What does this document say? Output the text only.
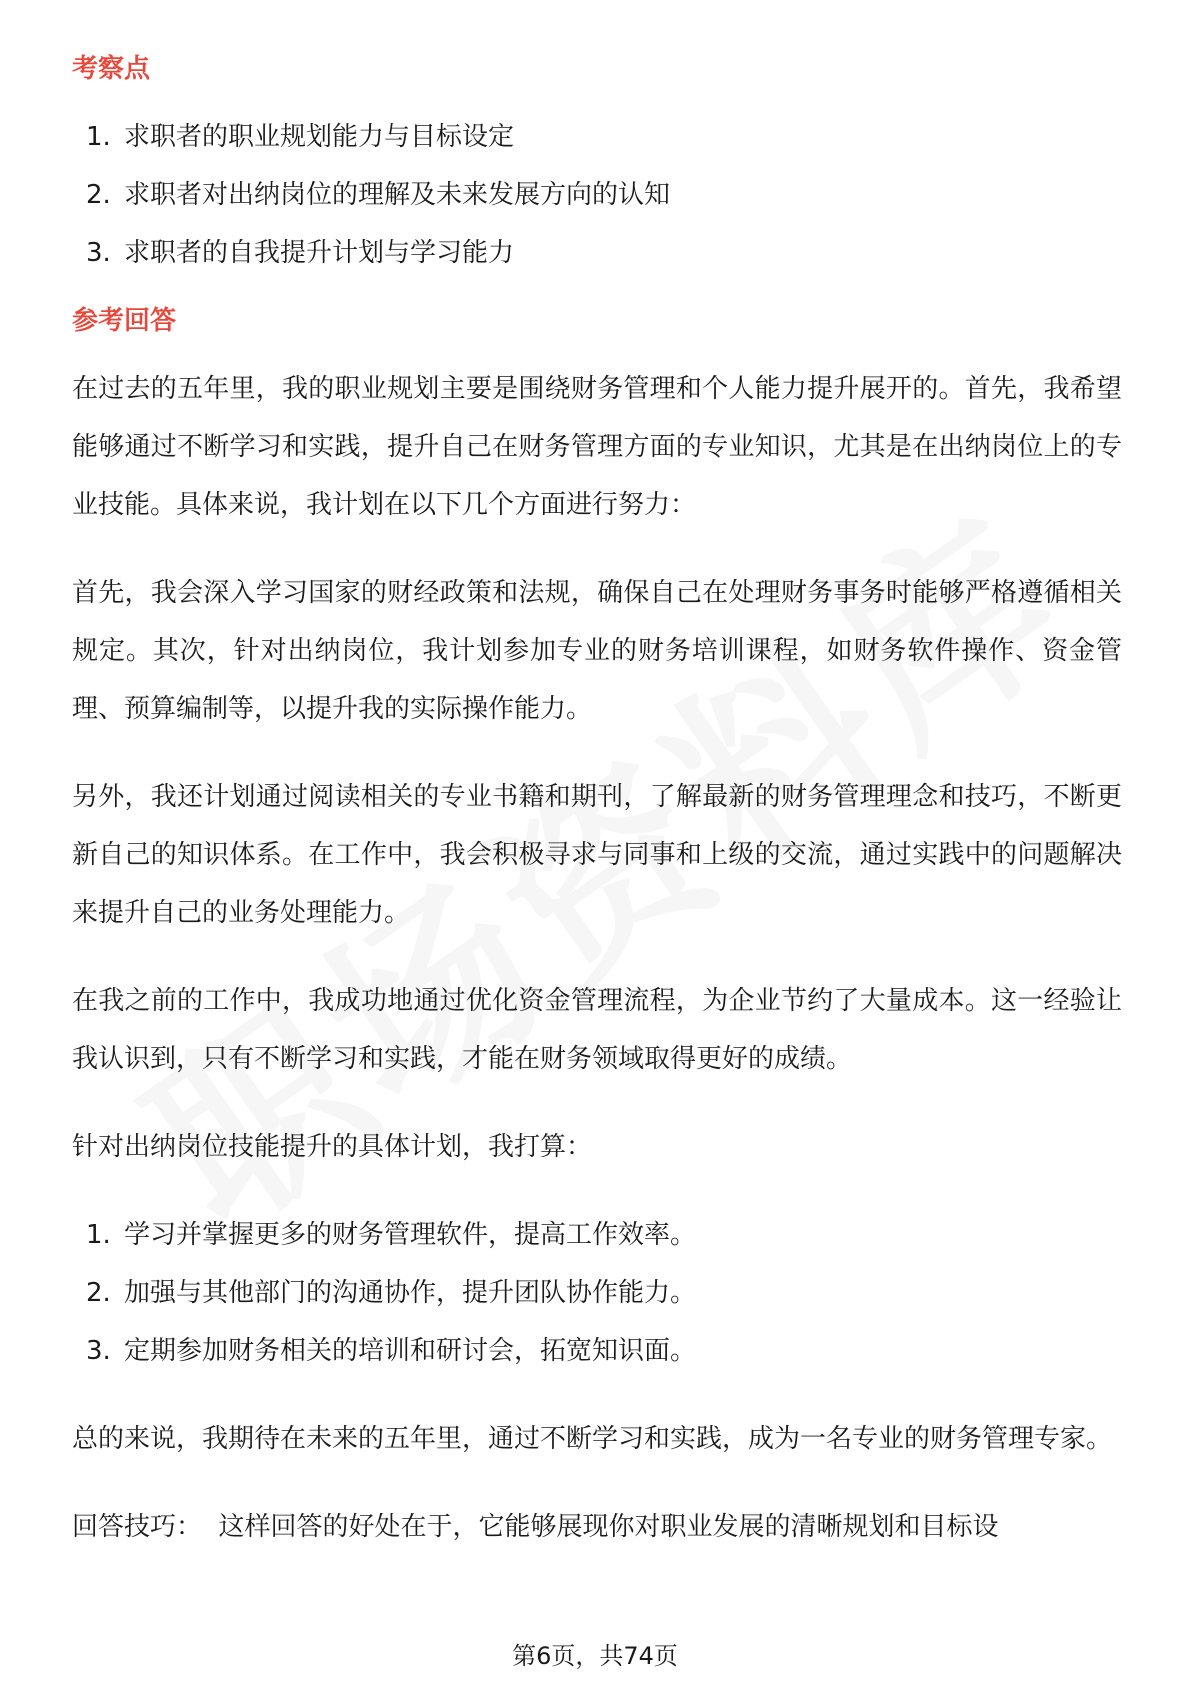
考察点
1. 求职者的职业规划能力与目标设定
2. 求职者对出纳岗位的理解及未来发展方向的认知
3. 求职者的自我提升计划与学习能力
参考回答

在过去的五年里，我的职业规划主要是围绕财务管理和个人能力提升展开的。首先，我希望能够通过不断学习和实践，提升自己在财务管理方面的专业知识，尤其是在出纳岗位上的专业技能。具体来说，我计划在以下几个方面进行努力：

首先，我会深入学习国家的财经政策和法规，确保自己在处理财务事务时能够严格遵循相关规定。其次，针对出纳岗位，我计划参加专业的财务培训课程，如财务软件操作、资金管理、预算编制等，以提升我的实际操作能力。

另外，我还计划通过阅读相关的专业书籍和期刊，了解最新的财务管理理念和技巧，不断更新自己的知识体系。在工作中，我会积极寻求与同事和上级的交流，通过实践中的问题解决来提升自己的业务处理能力。

在我之前的工作中，我成功地通过优化资金管理流程，为企业节约了大量成本。这一经验让我认识到，只有不断学习和实践，才能在财务领域取得更好的成绩。

针对出纳岗位技能提升的具体计划，我打算：

1. 学习并掌握更多的财务管理软件，提高工作效率。
2. 加强与其他部门的沟通协作，提升团队协作能力。
3. 定期参加财务相关的培训和研讨会，拓宽知识面。

总的来说，我期待在未来的五年里，通过不断学习和实践，成为一名专业的财务管理专家。

回答技巧：  这样回答的好处在于，它能够展现你对职业发展的清晰规划和目标设

第6页，共74页
